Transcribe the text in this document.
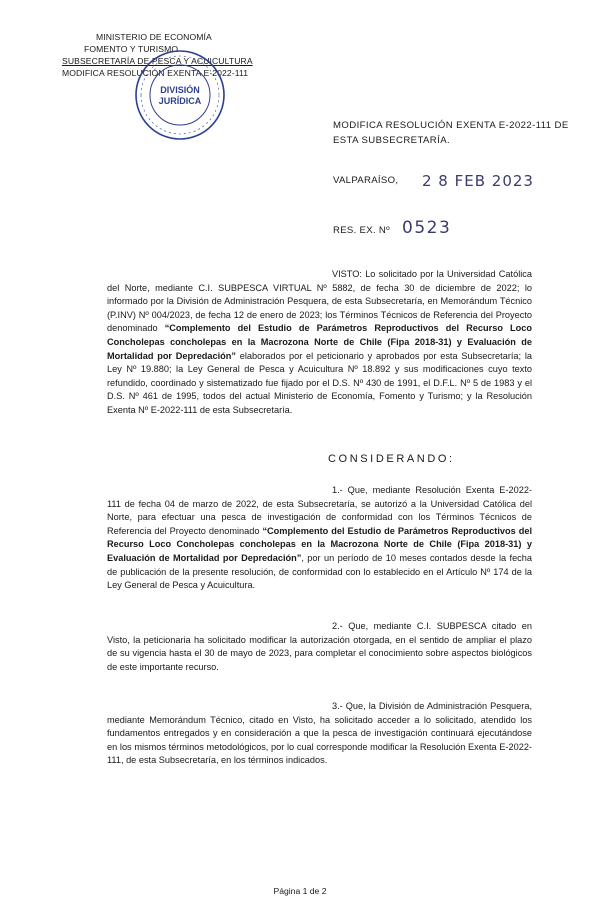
MINISTERIO DE ECONOMÍA
FOMENTO Y TURISMO
SUBSECRETARÍA DE PESCA Y ACUICULTURA
MODIFICA RESOLUCIÓN EXENTA E-2022-111
DIVISIÓN
JURÍDICA
MODIFICA RESOLUCIÓN EXENTA E-2022-111 DE
ESTA SUBSECRETARÍA.
VALPARAÍSO, 2 8 FEB 2023
RES. EX. Nº 0523
VISTO: Lo solicitado por la Universidad Católica del Norte, mediante C.I. SUBPESCA VIRTUAL Nº 5882, de fecha 30 de diciembre de 2022; lo informado por la División de Administración Pesquera, de esta Subsecretaría, en Memorándum Técnico (P.INV) Nº 004/2023, de fecha 12 de enero de 2023; los Términos Técnicos de Referencia del Proyecto denominado “Complemento del Estudio de Parámetros Reproductivos del Recurso Loco Concholepas concholepas en la Macrozona Norte de Chile (Fipa 2018-31) y Evaluación de Mortalidad por Depredación” elaborados por el peticionario y aprobados por esta Subsecretaría; la Ley Nº 19.880; la Ley General de Pesca y Acuicultura Nº 18.892 y sus modificaciones cuyo texto refundido, coordinado y sistematizado fue fijado por el D.S. Nº 430 de 1991, el D.F.L. Nº 5 de 1983 y el D.S. Nº 461 de 1995, todos del actual Ministerio de Economía, Fomento y Turismo; y la Resolución Exenta Nº E-2022-111 de esta Subsecretaría.
CONSIDERANDO:
1.- Que, mediante Resolución Exenta E-2022-111 de fecha 04 de marzo de 2022, de esta Subsecretaría, se autorizó a la Universidad Católica del Norte, para efectuar una pesca de investigación de conformidad con los Términos Técnicos de Referencia del Proyecto denominado “Complemento del Estudio de Parámetros Reproductivos del Recurso Loco Concholepas concholepas en la Macrozona Norte de Chile (Fipa 2018-31) y Evaluación de Mortalidad por Depredación”, por un período de 10 meses contados desde la fecha de publicación de la presente resolución, de conformidad con lo establecido en el Artículo Nº 174 de la Ley General de Pesca y Acuicultura.
2.- Que, mediante C.I. SUBPESCA citado en Visto, la peticionaria ha solicitado modificar la autorización otorgada, en el sentido de ampliar el plazo de su vigencia hasta el 30 de mayo de 2023, para completar el conocimiento sobre aspectos biológicos de este importante recurso.
3.- Que, la División de Administración Pesquera, mediante Memorándum Técnico, citado en Visto, ha solicitado acceder a lo solicitado, atendido los fundamentos entregados y en consideración a que la pesca de investigación continuará ejecutándose en los mismos términos metodológicos, por lo cual corresponde modificar la Resolución Exenta E-2022-111, de esta Subsecretaría, en los términos indicados.
Página 1 de 2
